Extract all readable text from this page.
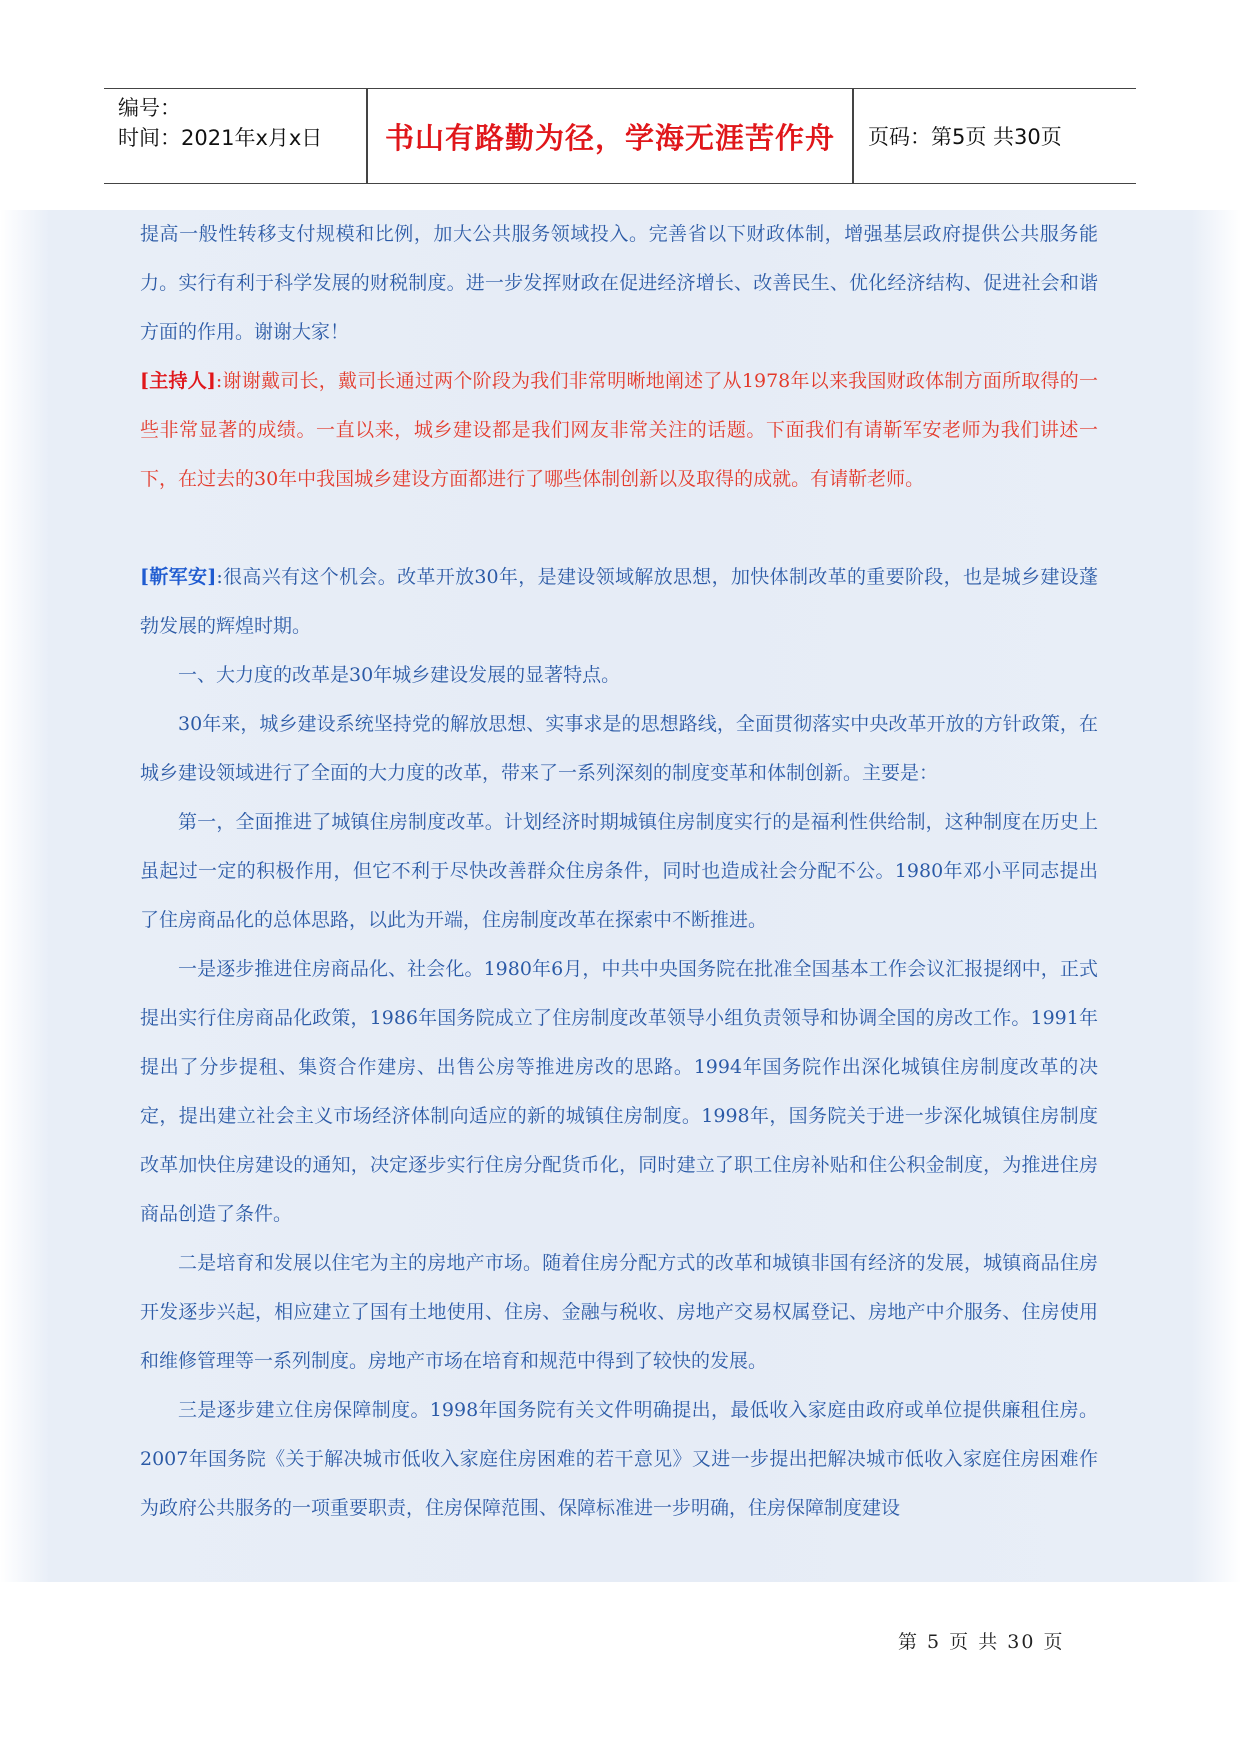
编号：
时间：2021年x月x日	书山有路勤为径，学海无涯苦作舟	页码：第5页 共30页

提高一般性转移支付规模和比例，加大公共服务领域投入。完善省以下财政体制，增强基层政府提供公共服务能力。实行有利于科学发展的财税制度。进一步发挥财政在促进经济增长、改善民生、优化经济结构、促进社会和谐方面的作用。谢谢大家！

[主持人]:谢谢戴司长，戴司长通过两个阶段为我们非常明晰地阐述了从1978年以来我国财政体制方面所取得的一些非常显著的成绩。一直以来，城乡建设都是我们网友非常关注的话题。下面我们有请靳军安老师为我们讲述一下，在过去的30年中我国城乡建设方面都进行了哪些体制创新以及取得的成就。有请靳老师。

[靳军安]:很高兴有这个机会。改革开放30年，是建设领域解放思想，加快体制改革的重要阶段，也是城乡建设蓬勃发展的辉煌时期。

一、大力度的改革是30年城乡建设发展的显著特点。

30年来，城乡建设系统坚持党的解放思想、实事求是的思想路线，全面贯彻落实中央改革开放的方针政策，在城乡建设领域进行了全面的大力度的改革，带来了一系列深刻的制度变革和体制创新。主要是：

第一，全面推进了城镇住房制度改革。计划经济时期城镇住房制度实行的是福利性供给制，这种制度在历史上虽起过一定的积极作用，但它不利于尽快改善群众住房条件，同时也造成社会分配不公。1980年邓小平同志提出了住房商品化的总体思路，以此为开端，住房制度改革在探索中不断推进。

一是逐步推进住房商品化、社会化。1980年6月，中共中央国务院在批准全国基本工作会议汇报提纲中，正式提出实行住房商品化政策，1986年国务院成立了住房制度改革领导小组负责领导和协调全国的房改工作。1991年提出了分步提租、集资合作建房、出售公房等推进房改的思路。1994年国务院作出深化城镇住房制度改革的决定，提出建立社会主义市场经济体制向适应的新的城镇住房制度。1998年，国务院关于进一步深化城镇住房制度改革加快住房建设的通知，决定逐步实行住房分配货币化，同时建立了职工住房补贴和住公积金制度，为推进住房商品创造了条件。

二是培育和发展以住宅为主的房地产市场。随着住房分配方式的改革和城镇非国有经济的发展，城镇商品住房开发逐步兴起，相应建立了国有土地使用、住房、金融与税收、房地产交易权属登记、房地产中介服务、住房使用和维修管理等一系列制度。房地产市场在培育和规范中得到了较快的发展。

三是逐步建立住房保障制度。1998年国务院有关文件明确提出，最低收入家庭由政府或单位提供廉租住房。2007年国务院《关于解决城市低收入家庭住房困难的若干意见》又进一步提出把解决城市低收入家庭住房困难作为政府公共服务的一项重要职责，住房保障范围、保障标准进一步明确，住房保障制度建设

第 5 页 共 30 页
